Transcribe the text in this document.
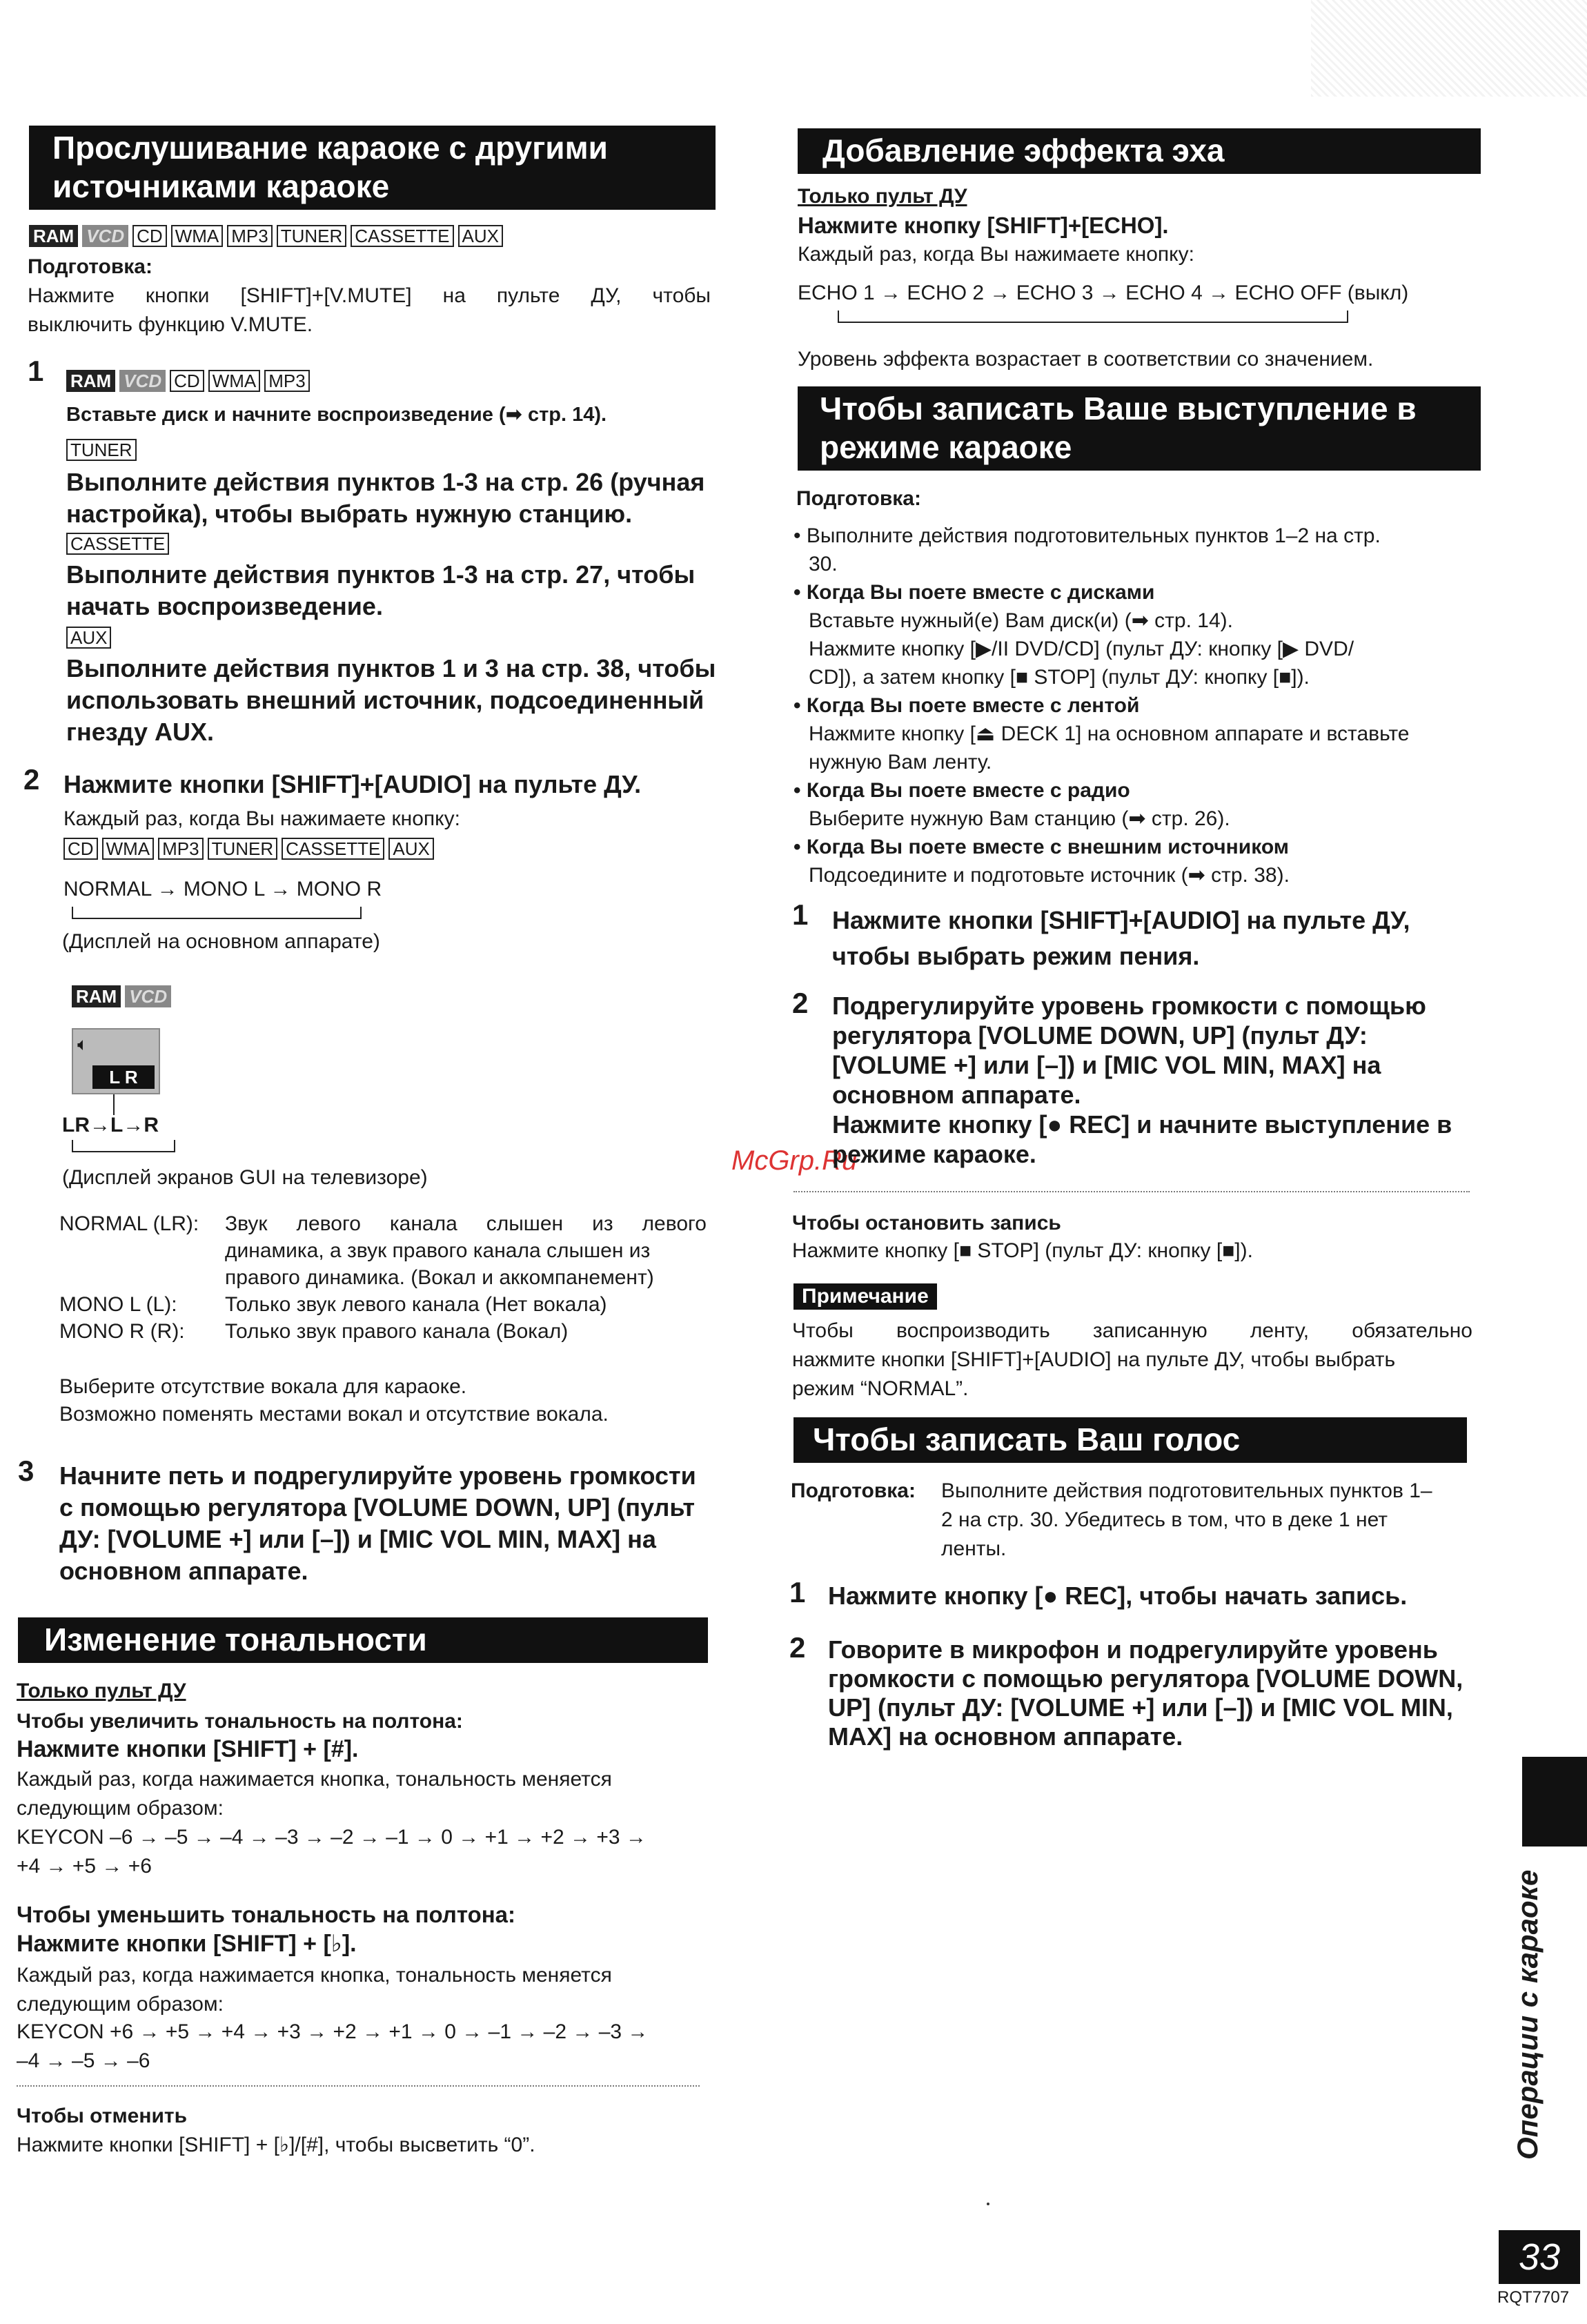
Прослушивание караоке с другими
источниками караоке
RAM VCD CD WMA MP3 TUNER CASSETTE AUX
Подготовка:
Нажмите кнопки [SHIFT]+[V.MUTE] на пульте ДУ, чтобы
выключить функцию V.MUTE.
1 RAM VCD CD WMA MP3
Вставьте диск и начните воспроизведение (➡ стр. 14).
TUNER
Выполните действия пунктов 1-3 на стр. 26 (ручная
настройка), чтобы выбрать нужную станцию.
CASSETTE
Выполните действия пунктов 1-3 на стр. 27, чтобы
начать воспроизведение.
AUX
Выполните действия пунктов 1 и 3 на стр. 38, чтобы
использовать внешний источник, подсоединенный
гнезду AUX.
2 Нажмите кнопки [SHIFT]+[AUDIO] на пульте ДУ.
Каждый раз, когда Вы нажимаете кнопку:
CD WMA MP3 TUNER CASSETTE AUX
NORMAL → MONO L → MONO R
(Дисплей на основном аппарате)
RAM VCD
🔈︎
L R
LR→L→R
(Дисплей экранов GUI на телевизоре)
NORMAL (LR):	Звук левого канала слышен из левого
динамика, а звук правого канала слышен из
правого динамика. (Вокал и аккомпанемент)
MONO L (L):	Только звук левого канала (Нет вокала)
MONO R (R):	Только звук правого канала (Вокал)
Выберите отсутствие вокала для караоке.
Возможно поменять местами вокал и отсутствие вокала.
3 Начните петь и подрегулируйте уровень громкости
с помощью регулятора [VOLUME DOWN, UP] (пульт
ДУ: [VOLUME +] или [–]) и [MIC VOL MIN, MAX] на
основном аппарате.
Изменение тональности
Только пульт ДУ
Чтобы увеличить тональность на полтона:
Нажмите кнопки [SHIFT] + [#].
Каждый раз, когда нажимается кнопка, тональность меняется
следующим образом:
KEYCON –6 → –5 → –4 → –3 → –2 → –1 → 0 → +1 → +2 → +3 →
+4 → +5 → +6
Чтобы уменьшить тональность на полтона:
Нажмите кнопки [SHIFT] + [♭].
Каждый раз, когда нажимается кнопка, тональность меняется
следующим образом:
KEYCON +6 → +5 → +4 → +3 → +2 → +1 → 0 → –1 → –2 → –3 →
–4 → –5 → –6
Чтобы отменить
Нажмите кнопки [SHIFT] + [♭]/[#], чтобы высветить “0”.
McGrp.Ru
Добавление эффекта эха
Только пульт ДУ
Нажмите кнопку [SHIFT]+[ECHO].
Каждый раз, когда Вы нажимаете кнопку:
ECHO 1 → ECHO 2 → ECHO 3 → ECHO 4 → ECHO OFF (выкл)
Уровень эффекта возрастает в соответствии со значением.
Чтобы записать Ваше выступление в
режиме караоке
Подготовка:
• Выполните действия подготовительных пунктов 1–2 на стр.
30.
• Когда Вы поете вместе с дисками
Вставьте нужный(е) Вам диск(и) (➡ стр. 14).
Нажмите кнопку [▶/II DVD/CD] (пульт ДУ: кнопку [▶ DVD/
CD]), а затем кнопку [■ STOP] (пульт ДУ: кнопку [■]).
• Когда Вы поете вместе с лентой
Нажмите кнопку [⏏ DECK 1] на основном аппарате и вставьте
нужную Вам ленту.
• Когда Вы поете вместе с радио
Выберите нужную Вам станцию (➡ стр. 26).
• Когда Вы поете вместе с внешним источником
Подсоедините и подготовьте источник (➡ стр. 38).
1 Нажмите кнопки [SHIFT]+[AUDIO] на пульте ДУ,
чтобы выбрать режим пения.
2 Подрегулируйте уровень громкости с помощью
регулятора [VOLUME DOWN, UP] (пульт ДУ:
[VOLUME +] или [–]) и [MIC VOL MIN, MAX] на
основном аппарате.
Нажмите кнопку [● REC] и начните выступление в
режиме караоке.
Чтобы остановить запись
Нажмите кнопку [■ STOP] (пульт ДУ: кнопку [■]).
Примечание
Чтобы воспроизводить записанную ленту, обязательно
нажмите кнопки [SHIFT]+[AUDIO] на пульте ДУ, чтобы выбрать
режим “NORMAL”.
Чтобы записать Ваш голос
Подготовка: Выполните действия подготовительных пунктов 1–
2 на стр. 30. Убедитесь в том, что в деке 1 нет
ленты.
1 Нажмите кнопку [● REC], чтобы начать запись.
2 Говорите в микрофон и подрегулируйте уровень
громкости с помощью регулятора [VOLUME DOWN,
UP] (пульт ДУ: [VOLUME +] или [–]) и [MIC VOL MIN,
MAX] на основном аппарате.
Операции с караоке
33
RQT7707
